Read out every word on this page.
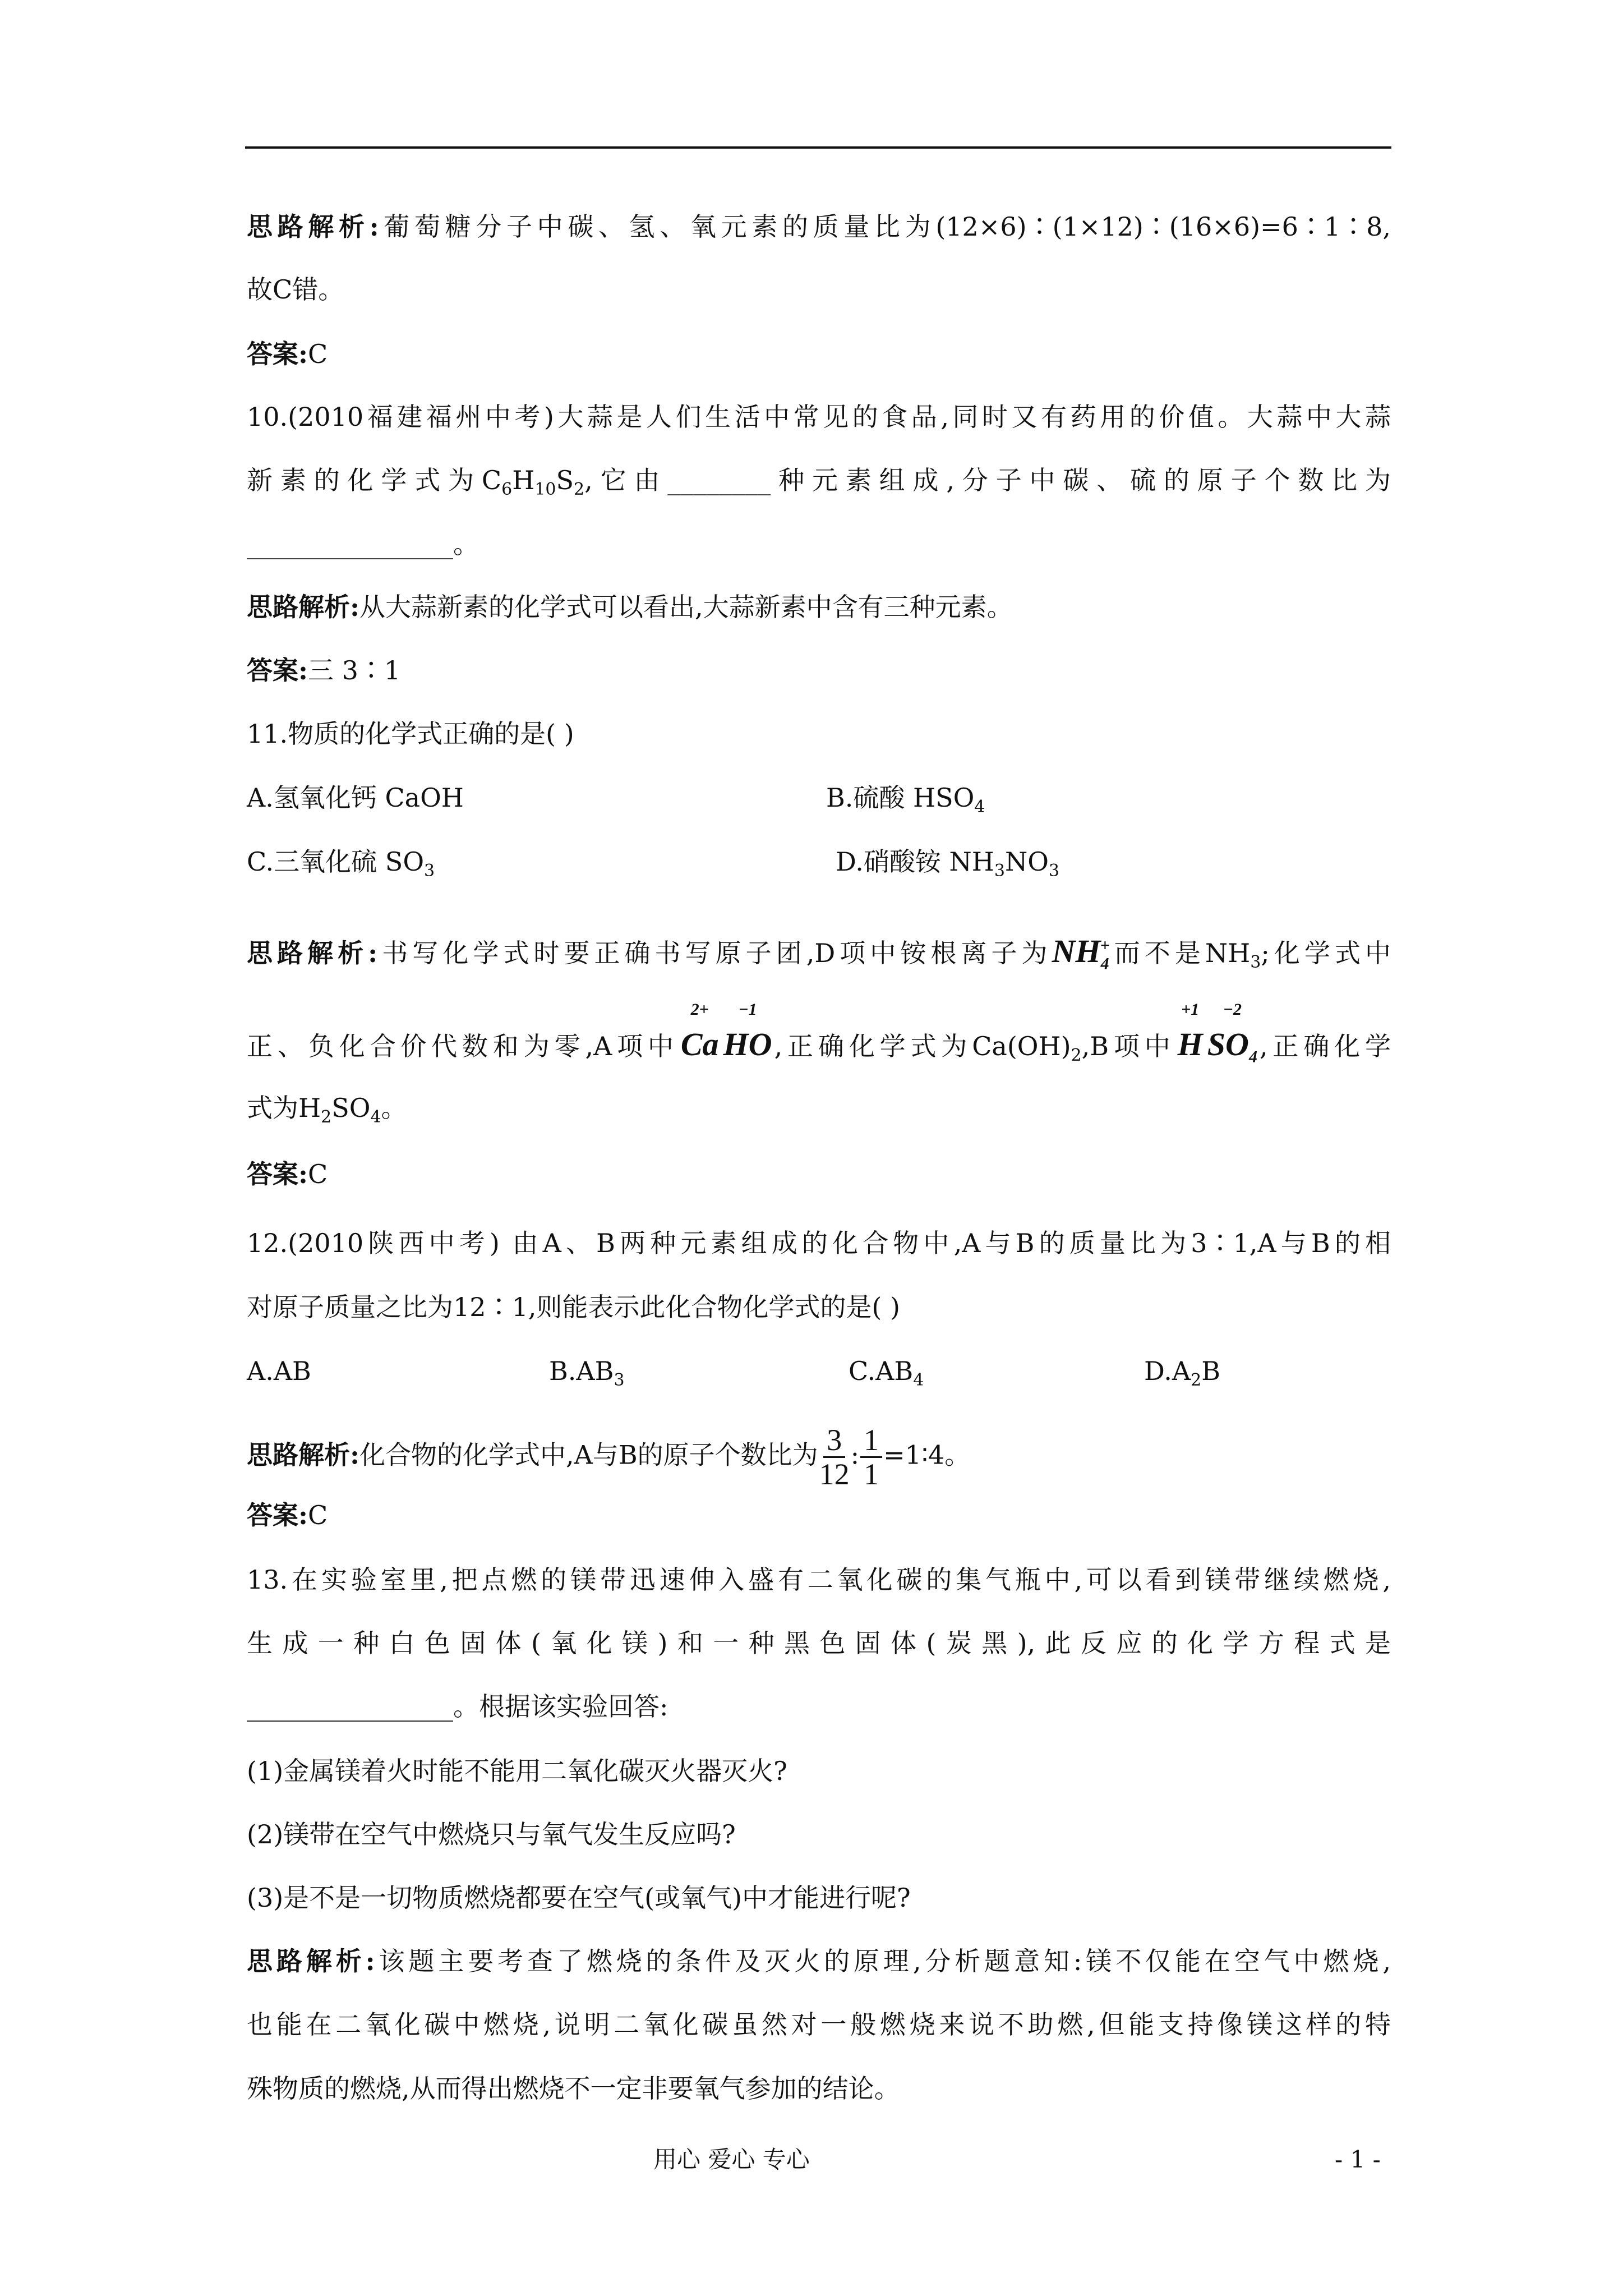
思路解析:葡萄糖分子中碳、氢、氧元素的质量比为(12×6)∶(1×12)∶(16×6)=6∶1∶8,
故C错。
答案:C
10.(2010福建福州中考)大蒜是人们生活中常见的食品,同时又有药用的价值。大蒜中大蒜
新素的化学式为$C_6H_{10}S_2$,它由________种元素组成,分子中碳、硫的原子个数比为
________________。
思路解析:从大蒜新素的化学式可以看出,大蒜新素中含有三种元素。
答案:三 3∶1
11.物质的化学式正确的是( )
A.氢氧化钙 CaOH	B.硫酸 $HSO_4$
C.三氧化硫 $SO_3$	D.硝酸铵 $NH_3NO_3$
思路解析:书写化学式时要正确书写原子团,D项中铵根离子为$NH_4^+$而不是$NH_3$;化学式中
正、负化合价代数和为零,A项中
2+
Ca
−1
HO,正确化学式为$Ca(OH)_2,B$项中
+1
H
−2
$SO_4$,正确化学
式为$H_2SO_4$。
答案:C
12.(2010陕西中考) 由A、B两种元素组成的化合物中,A与B的质量比为3∶1,A与B的相
对原子质量之比为12∶1,则能表示此化合物化学式的是( )
A.AB	$B.AB_3$	$C.AB_4$	$D.A_2B$
思路解析:化合物的化学式中,A与B的原子个数比为 $\frac{3}{12}$ : $\frac{1}{1}$ =1∶4。
答案:C
13.在实验室里,把点燃的镁带迅速伸入盛有二氧化碳的集气瓶中,可以看到镁带继续燃烧,
生成一种白色固体(氧化镁)和一种黑色固体(炭黑),此反应的化学方程式是
________________。根据该实验回答:
(1)金属镁着火时能不能用二氧化碳灭火器灭火?
(2)镁带在空气中燃烧只与氧气发生反应吗?
(3)是不是一切物质燃烧都要在空气(或氧气)中才能进行呢?
思路解析:该题主要考查了燃烧的条件及灭火的原理,分析题意知:镁不仅能在空气中燃烧,
也能在二氧化碳中燃烧,说明二氧化碳虽然对一般燃烧来说不助燃,但能支持像镁这样的特
殊物质的燃烧,从而得出燃烧不一定非要氧气参加的结论。
用心 爱心 专心	- 1 -
